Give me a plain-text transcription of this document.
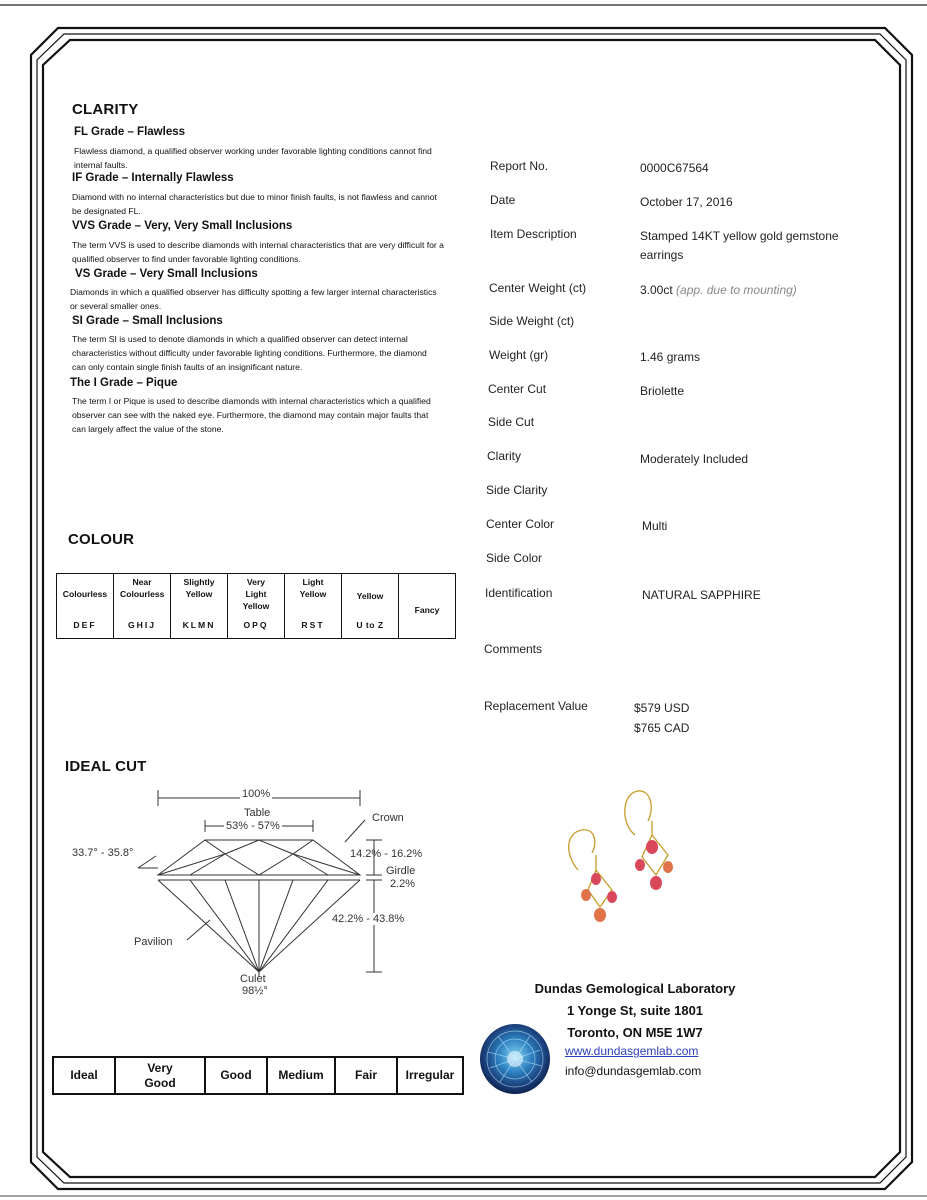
CLARITY
FL Grade – Flawless
Flawless diamond, a qualified observer working under favorable lighting conditions cannot find internal faults.
IF Grade – Internally Flawless
Diamond with no internal characteristics but due to minor finish faults, is not flawless and cannot be designated FL.
VVS Grade – Very, Very Small Inclusions
The term VVS is used to describe diamonds with internal characteristics that are very difficult for a qualified observer to find under favorable lighting conditions.
VS Grade – Very Small Inclusions
Diamonds in which a qualified observer has difficulty spotting a few larger internal characteristics or several smaller ones.
SI Grade – Small Inclusions
The term SI is used to denote diamonds in which a qualified observer can detect internal characteristics without difficulty under favorable lighting conditions. Furthermore, the diamond can only contain single finish faults of an insignificant nature.
The I Grade – Pique
The term I or Pique is used to describe diamonds with internal characteristics which a qualified observer can see with the naked eye. Furthermore, the diamond may contain major faults that can largely affect the value of the stone.
COLOUR
Colourless
DEF

Near Colourless
GHIJ

Slightly Yellow
KLMN

Very Light Yellow
OPQ

Light Yellow
RST

Yellow
U to Z

Fancy
IDEAL CUT
100%
Table
53% - 57%
Crown
33.7° - 35.8°	14.2% - 16.2%
Girdle
2.2%
42.2% - 43.8%
Pavilion
Culet
98½°
Ideal	Very Good	Good	Medium	Fair	Irregular
Report No.	0000C67564
Date	October 17, 2016
Item Description	Stamped 14KT yellow gold gemstone earrings
Center Weight (ct)	3.00ct (app. due to mounting)
Side Weight (ct)
Weight (gr)	1.46 grams
Center Cut	Briolette
Side Cut
Clarity	Moderately Included
Side Clarity
Center Color	Multi
Side Color
Identification	NATURAL SAPPHIRE
Comments
Replacement Value	$579 USD
$765 CAD
Dundas Gemological Laboratory
1 Yonge St, suite 1801
Toronto, ON M5E 1W7
www.dundasgemlab.com
info@dundasgemlab.com
